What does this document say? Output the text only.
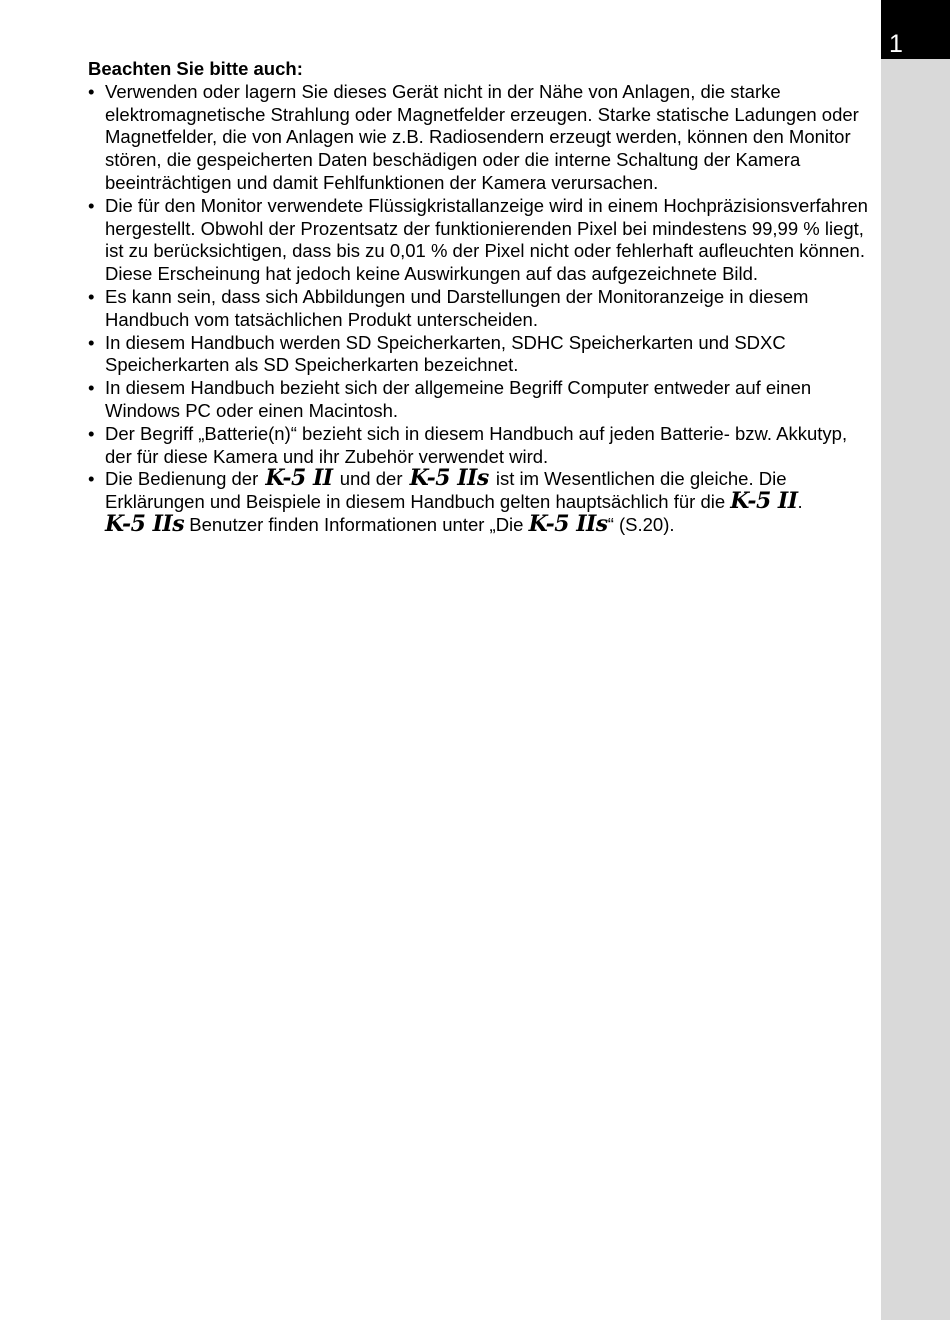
1

Beachten Sie bitte auch:

• Verwenden oder lagern Sie dieses Gerät nicht in der Nähe von Anlagen, die starke elektromagnetische Strahlung oder Magnetfelder erzeugen. Starke statische Ladungen oder Magnetfelder, die von Anlagen wie z.B. Radiosendern erzeugt werden, können den Monitor stören, die gespeicherten Daten beschädigen oder die interne Schaltung der Kamera beeinträchtigen und damit Fehlfunktionen der Kamera verursachen.
• Die für den Monitor verwendete Flüssigkristallanzeige wird in einem Hochpräzisionsverfahren hergestellt. Obwohl der Prozentsatz der funktionierenden Pixel bei mindestens 99,99 % liegt, ist zu berücksichtigen, dass bis zu 0,01 % der Pixel nicht oder fehlerhaft aufleuchten können. Diese Erscheinung hat jedoch keine Auswirkungen auf das aufgezeichnete Bild.
• Es kann sein, dass sich Abbildungen und Darstellungen der Monitoranzeige in diesem Handbuch vom tatsächlichen Produkt unterscheiden.
• In diesem Handbuch werden SD Speicherkarten, SDHC Speicherkarten und SDXC Speicherkarten als SD Speicherkarten bezeichnet.
• In diesem Handbuch bezieht sich der allgemeine Begriff Computer entweder auf einen Windows PC oder einen Macintosh.
• Der Begriff „Batterie(n)“ bezieht sich in diesem Handbuch auf jeden Batterie- bzw. Akkutyp, der für diese Kamera und ihr Zubehör verwendet wird.
• Die Bedienung der K-5 II und der K-5 IIs ist im Wesentlichen die gleiche. Die Erklärungen und Beispiele in diesem Handbuch gelten hauptsächlich für die K-5 II. K-5 IIs Benutzer finden Informationen unter „Die K-5 IIs“ (S.20).
